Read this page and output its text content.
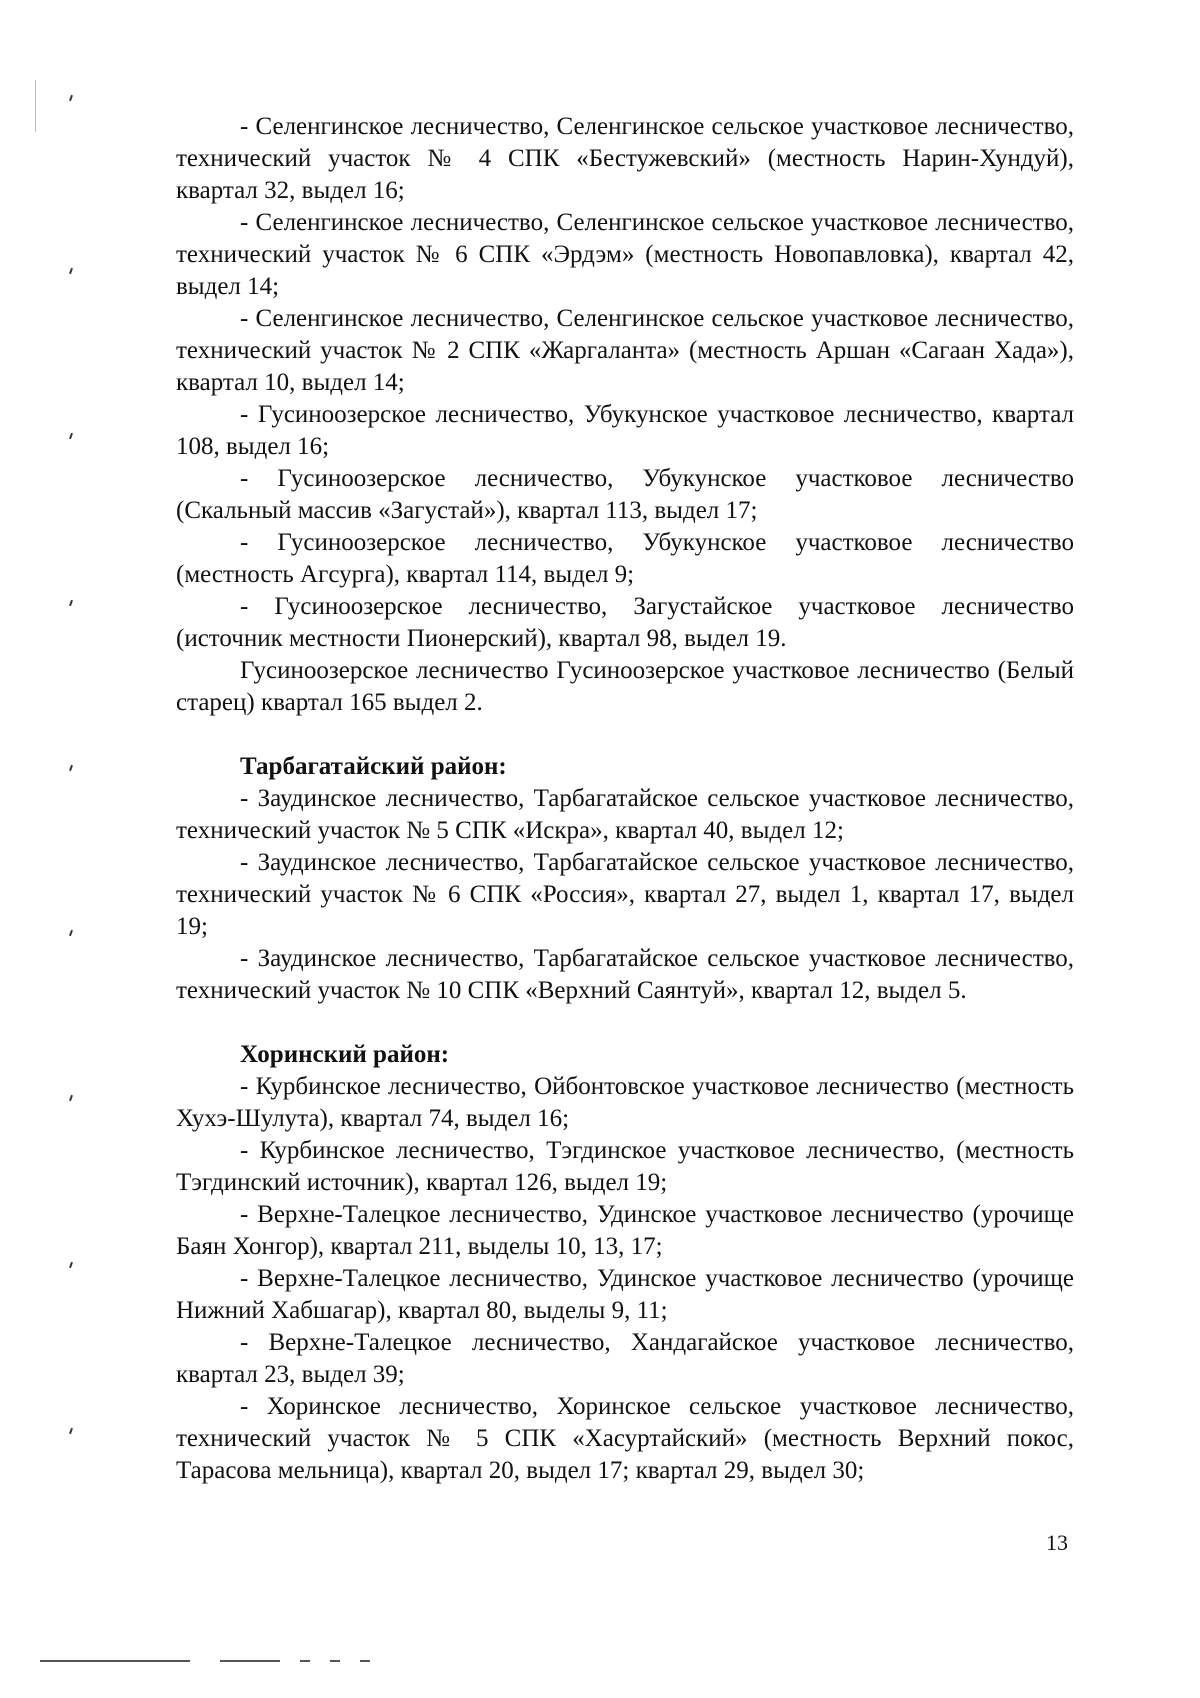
- Селенгинское лесничество, Селенгинское сельское участковое лесничество, технический участок № 4 СПК «Бестужевский» (местность Нарин-Хундуй), квартал 32, выдел 16;

- Селенгинское лесничество, Селенгинское сельское участковое лесничество, технический участок № 6 СПК «Эрдэм» (местность Новопавловка), квартал 42, выдел 14;

- Селенгинское лесничество, Селенгинское сельское участковое лесничество, технический участок № 2 СПК «Жаргаланта» (местность Аршан «Сагаан Хада»), квартал 10, выдел 14;

- Гусиноозерское лесничество, Убукунское участковое лесничество, квартал 108, выдел 16;

- Гусиноозерское лесничество, Убукунское участковое лесничество (Скальный массив «Загустай»), квартал 113, выдел 17;

- Гусиноозерское лесничество, Убукунское участковое лесничество (местность Агсурга), квартал 114, выдел 9;

- Гусиноозерское лесничество, Загустайское участковое лесничество (источник местности Пионерский), квартал 98, выдел 19.

Гусиноозерское лесничество Гусиноозерское участковое лесничество (Белый старец) квартал 165 выдел 2.

Тарбагатайский район:

- Заудинское лесничество, Тарбагатайское сельское участковое лесничество, технический участок № 5 СПК «Искра», квартал 40, выдел 12;

- Заудинское лесничество, Тарбагатайское сельское участковое лесничество, технический участок № 6 СПК «Россия», квартал 27, выдел 1, квартал 17, выдел 19;

- Заудинское лесничество, Тарбагатайское сельское участковое лесничество, технический участок № 10 СПК «Верхний Саянтуй», квартал 12, выдел 5.

Хоринский район:

- Курбинское лесничество, Ойбонтовское участковое лесничество (местность Хухэ-Шулута), квартал 74, выдел 16;

- Курбинское лесничество, Тэгдинское участковое лесничество, (местность Тэгдинский источник), квартал 126, выдел 19;

- Верхне-Талецкое лесничество, Удинское участковое лесничество (урочище Баян Хонгор), квартал 211, выделы 10, 13, 17;

- Верхне-Талецкое лесничество, Удинское участковое лесничество (урочище Нижний Хабшагар), квартал 80, выделы 9, 11;

- Верхне-Талецкое лесничество, Хандагайское участковое лесничество, квартал 23, выдел 39;

- Хоринское лесничество, Хоринское сельское участковое лесничество, технический участок № 5 СПК «Хасуртайский» (местность Верхний покос, Тарасова мельница), квартал 20, выдел 17; квартал 29, выдел 30;

13
